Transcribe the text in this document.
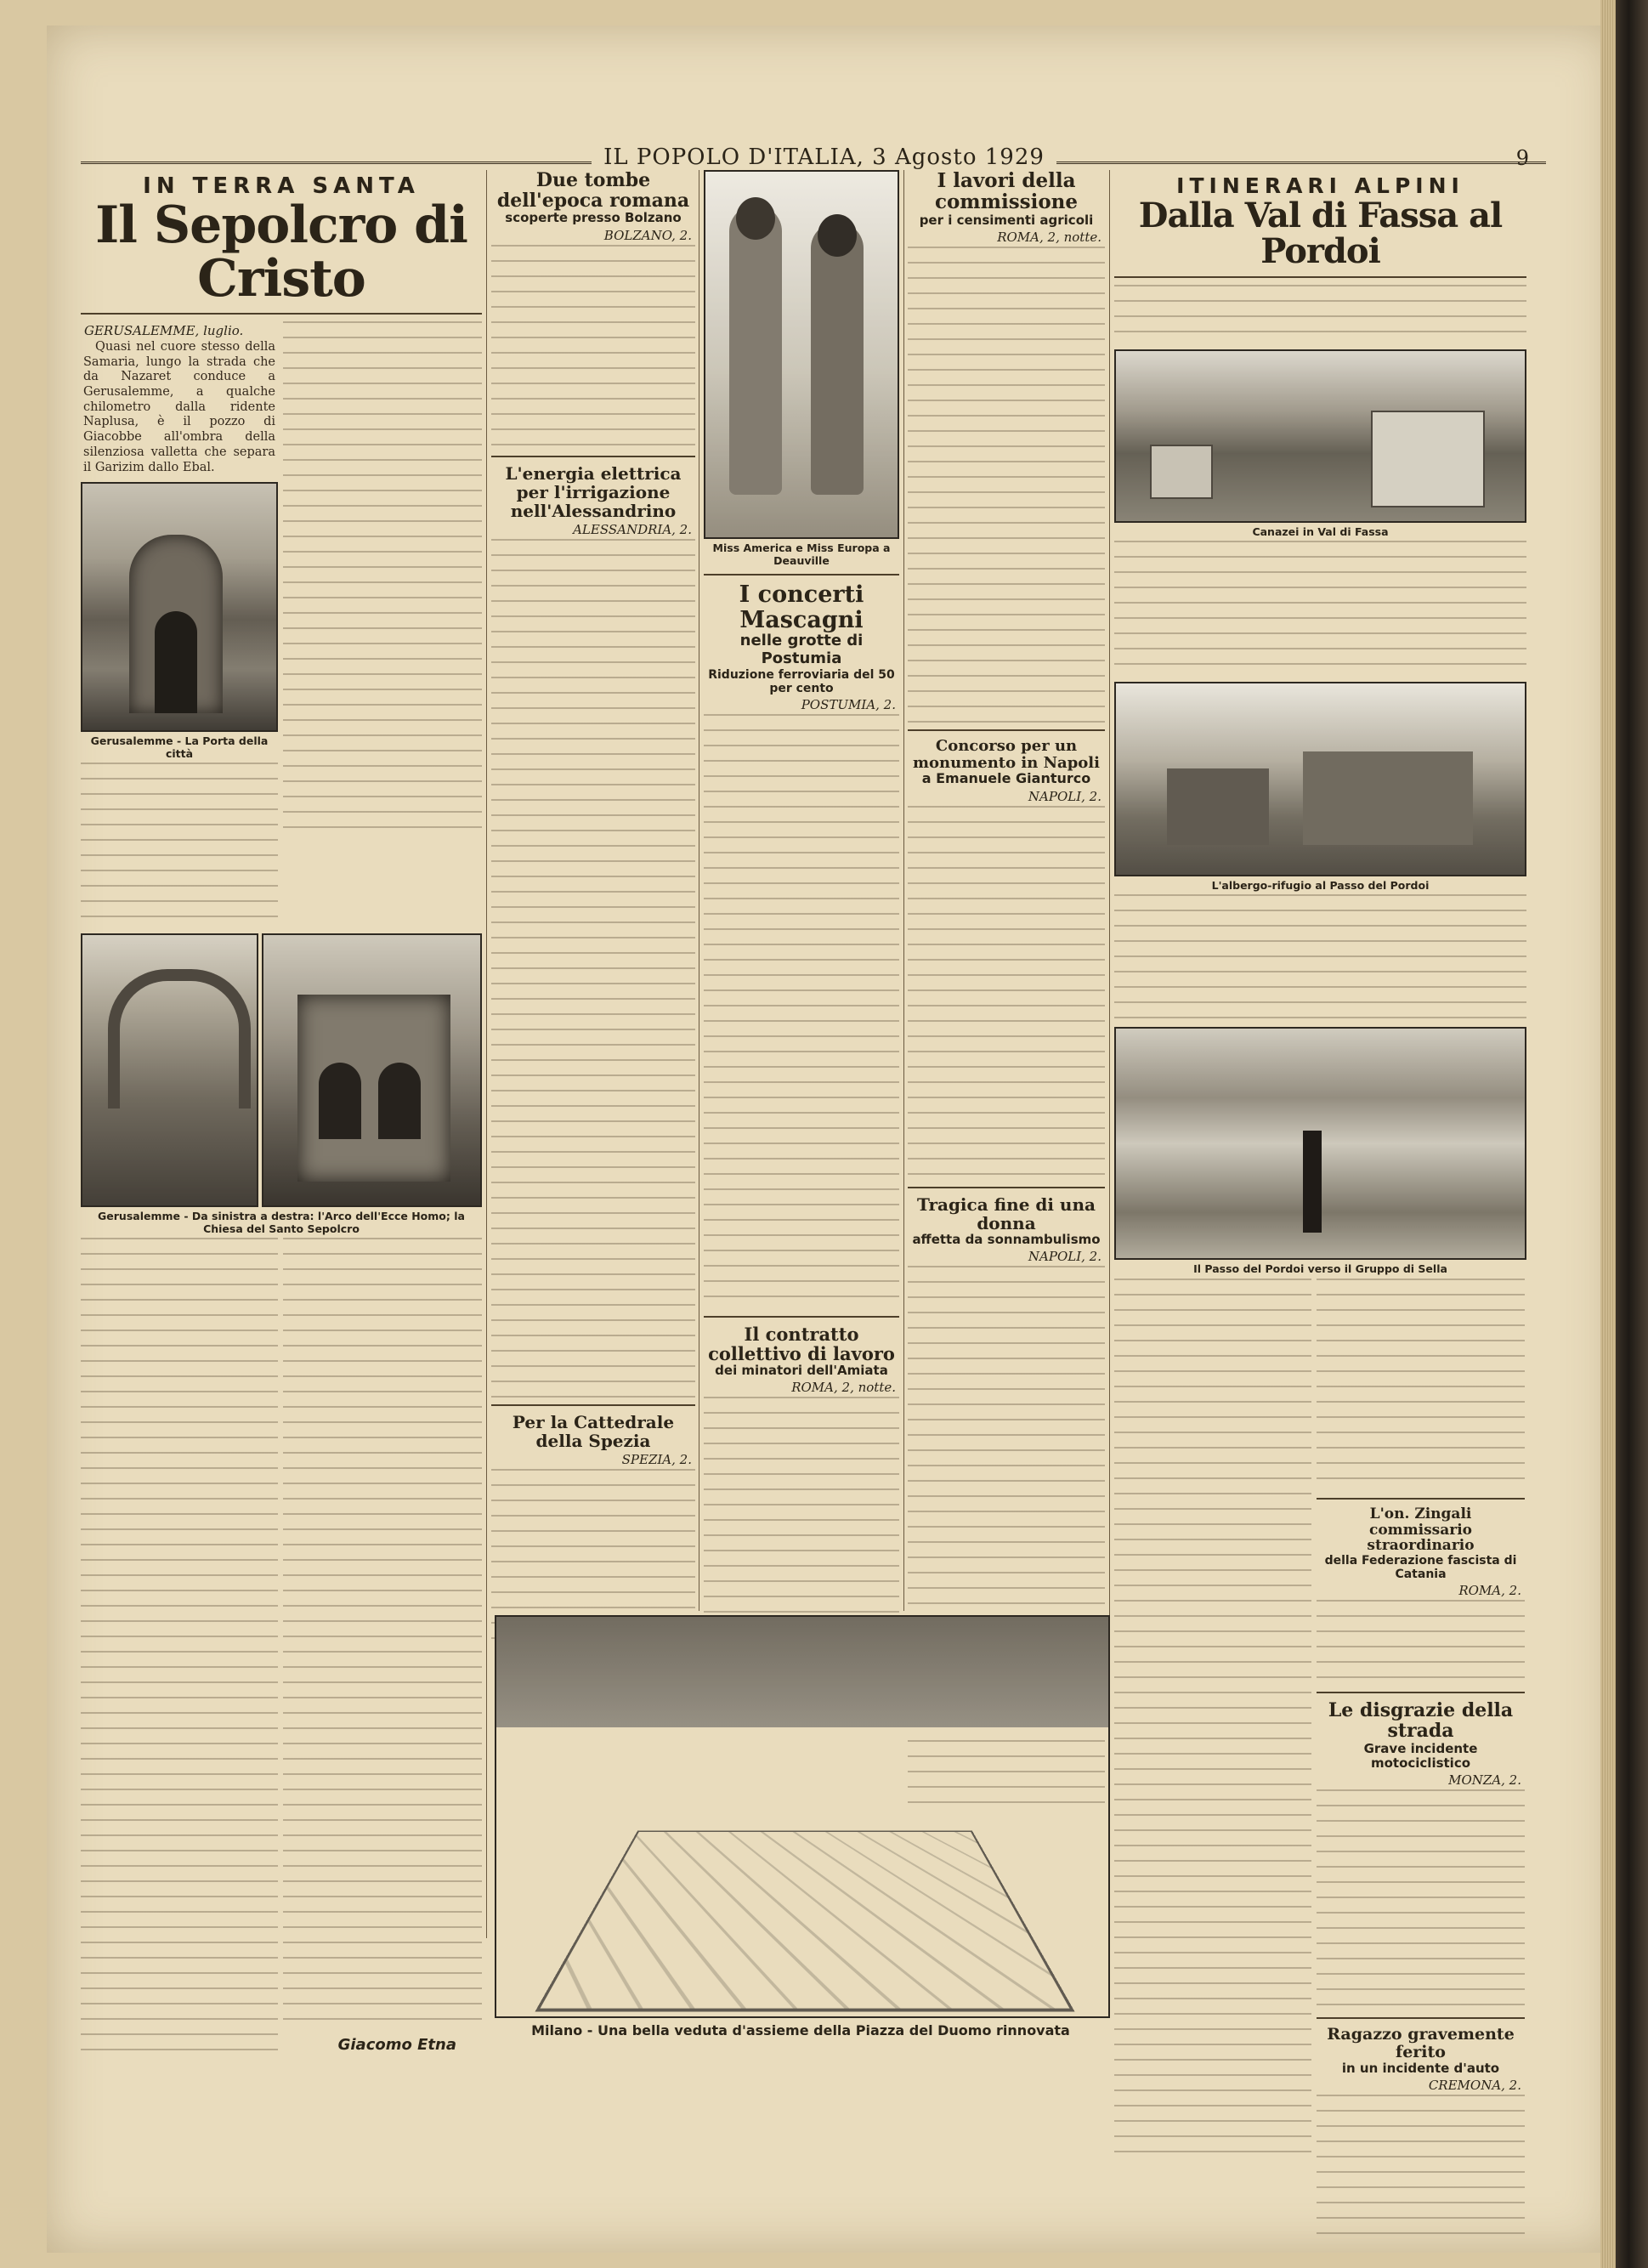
IL POPOLO D'ITALIA, 3 Agosto 1929	9
IN TERRA SANTA
Il Sepolcro di Cristo
GERUSALEMME, luglio.
Quasi nel cuore stesso della Samaria, lungo la strada che da Nazaret conduce a Gerusalemme, a qualche chilometro dalla ridente Naplusa, è il pozzo di Giacobbe all'ombra della silenziosa valletta che separa il Garizim dallo Ebal.
Gerusalemme - La Porta della città
Gerusalemme - Da sinistra a destra: l'Arco dell'Ecce Homo; la Chiesa del Santo Sepolcro
Giacomo Etna
Due tombe dell'epoca romana
scoperte presso Bolzano
BOLZANO, 2.
L'energia elettrica per l'irrigazione nell'Alessandrino
ALESSANDRIA, 2.
Per la Cattedrale della Spezia
SPEZIA, 2.
Miss America e Miss Europa a Deauville
I concerti Mascagni
nelle grotte di Postumia
Riduzione ferroviaria del 50 per cento
POSTUMIA, 2.
Il contratto collettivo di lavoro
dei minatori dell'Amiata
ROMA, 2, notte.
I lavori della commissione
per i censimenti agricoli
ROMA, 2, notte.
Concorso per un monumento in Napoli
a Emanuele Gianturco
NAPOLI, 2.
Tragica fine di una donna
affetta da sonnambulismo
NAPOLI, 2.
ITINERARI ALPINI
Dalla Val di Fassa al Pordoi
Canazei in Val di Fassa
L'albergo-rifugio al Passo del Pordoi
Il Passo del Pordoi verso il Gruppo di Sella
L'on. Zingali commissario straordinario
della Federazione fascista di Catania
ROMA, 2.
Le disgrazie della strada
Grave incidente motociclistico
MONZA, 2.
Ragazzo gravemente ferito
in un incidente d'auto
CREMONA, 2.
Milano - Una bella veduta d'assieme della Piazza del Duomo rinnovata
